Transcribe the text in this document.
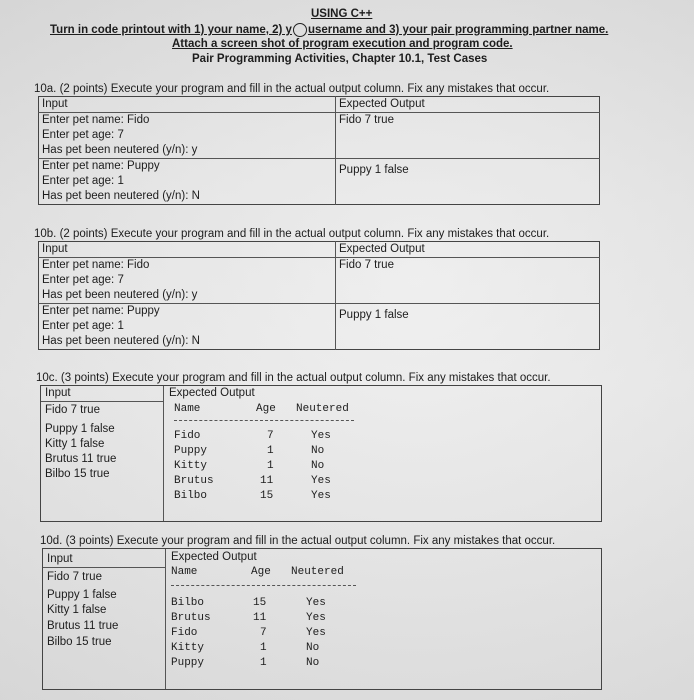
USING C++
Turn in code printout with 1) your name, 2) y○username and 3) your pair programming partner name.
Attach a screen shot of program execution and program code.
Pair Programming Activities, Chapter 10.1, Test Cases
10a. (2 points) Execute your program and fill in the actual output column. Fix any mistakes that occur.
Input	Expected Output
Enter pet name: Fido	Fido 7 true
Enter pet age: 7	
Has pet been neutered (y/n): y	
Enter pet name: Puppy	Puppy 1 false
Enter pet age: 1	
Has pet been neutered (y/n): N	
10b. (2 points) Execute your program and fill in the actual output column. Fix any mistakes that occur.
Input	Expected Output
Enter pet name: Fido	Fido 7 true
Enter pet age: 7	
Has pet been neutered (y/n): y	
Enter pet name: Puppy	Puppy 1 false
Enter pet age: 1	
Has pet been neutered (y/n): N	
10c. (3 points) Execute your program and fill in the actual output column. Fix any mistakes that occur.
Input	Expected Output
Fido 7 true
Puppy 1 false
Kitty 1 false
Brutus 11 true
Bilbo 15 true
Name	Age Neutered
Fido	7	Yes
Puppy	1	No
Kitty	1	No
Brutus	11	Yes
Bilbo	15	Yes
10d. (3 points) Execute your program and fill in the actual output column. Fix any mistakes that occur.
Input	Expected Output
Fido 7 true
Puppy 1 false
Kitty 1 false
Brutus 11 true
Bilbo 15 true
Name	Age Neutered
Bilbo	15	Yes
Brutus	11	Yes
Fido	7	Yes
Kitty	1	No
Puppy	1	No
